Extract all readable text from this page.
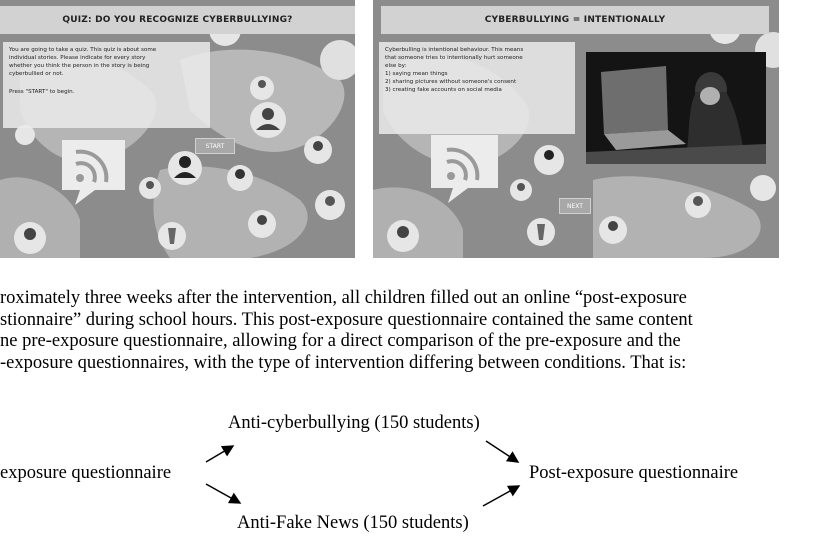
QUIZ: DO YOU RECOGNIZE CYBERBULLYING?
You are going to take a quiz. This quiz is about some
individual stories. Please indicate for every story
whether you think the person in the story is being
cyberbullied or not.
Press "START" to begin.
START
CYBERBULLYING = INTENTIONALLY
Cyberbulling is intentional behaviour. This means
that someone tries to intentionally hurt someone
else by:
1) saying mean things
2) sharing pictures without someone's consent
3) creating fake accounts on social media
NEXT
roximately three weeks after the intervention, all children filled out an online “post-exposure
stionnaire” during school hours. This post-exposure questionnaire contained the same content
ne pre-exposure questionnaire, allowing for a direct comparison of the pre-exposure and the
-exposure questionnaires, with the type of intervention differing between conditions. That is:
Anti-cyberbullying (150 students)
exposure questionnaire	Post-exposure questionnaire
Anti-Fake News (150 students)
